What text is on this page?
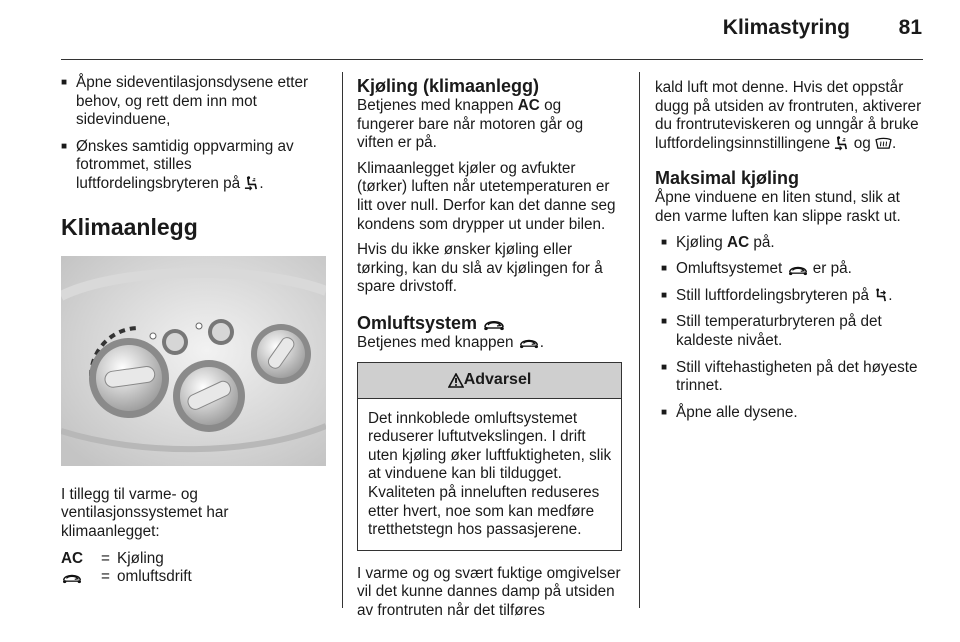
Klimastyring	81
■ Åpne sideventilasjonsdysene etter behov, og rett dem inn mot sidevinduene,
■ Ønskes samtidig oppvarming av fotrommet, stilles luftfordelingsbryteren på .
Klimaanlegg

I tillegg til varme- og ventilasjonssystemet har klimaanlegget:

AC	= Kjøling
= omluftsdrift
Kjøling (klimaanlegg)

Betjenes med knappen AC og fungerer bare når motoren går og viften er på.

Klimaanlegget kjøler og avfukter (tørker) luften når utetemperaturen er litt over null. Derfor kan det danne seg kondens som drypper ut under bilen.

Hvis du ikke ønsker kjøling eller tørking, kan du slå av kjølingen for å spare drivstoff.

Omluftsystem

Betjenes med knappen .

Advarsel
Det innkoblede omluftsystemet reduserer luftutvekslingen. I drift uten kjøling øker luftfuktigheten, slik at vinduene kan bli tildugget. Kvaliteten på inneluften reduseres etter hvert, noe som kan medføre tretthetstegn hos passasjerene.

I varme og og svært fuktige omgivelser vil det kunne dannes damp på utsiden av frontruten når det tilføres

kald luft mot denne. Hvis det oppstår dugg på utsiden av frontruten, aktiverer du frontruteviskeren og unngår å bruke luftfordelingsinnstillingene og .

Maksimal kjøling

Åpne vinduene en liten stund, slik at den varme luften kan slippe raskt ut.

■ Kjøling AC på.
■ Omluftsystemet er på.
■ Still luftfordelingsbryteren på .
■ Still temperaturbryteren på det kaldeste nivået.
■ Still viftehastigheten på det høyeste trinnet.
■ Åpne alle dysene.
